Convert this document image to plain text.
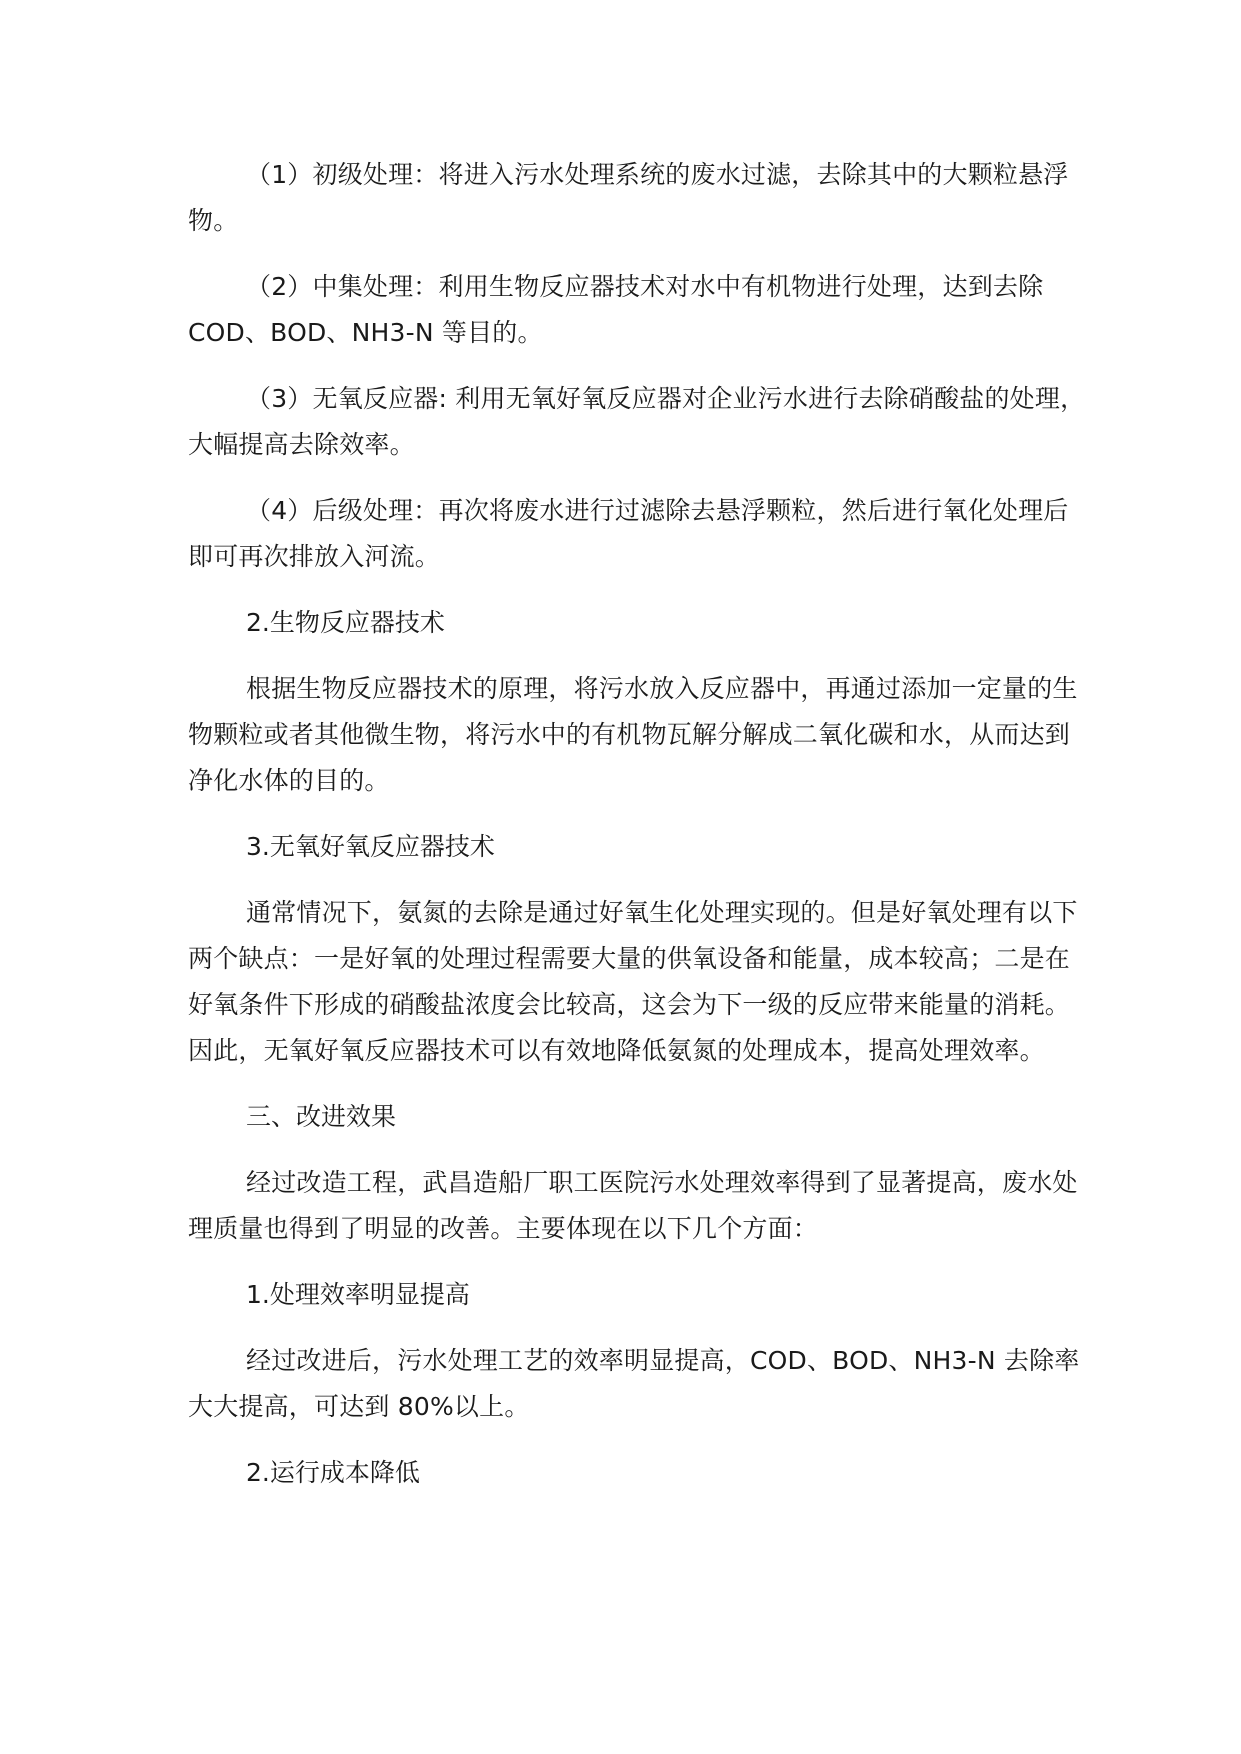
（1）初级处理：将进入污水处理系统的废水过滤，去除其中的大颗粒悬浮物。

（2）中集处理：利用生物反应器技术对水中有机物进行处理，达到去除 COD、BOD、NH3-N 等目的。

（3）无氧反应器: 利用无氧好氧反应器对企业污水进行去除硝酸盐的处理，大幅提高去除效率。

（4）后级处理：再次将废水进行过滤除去悬浮颗粒，然后进行氧化处理后即可再次排放入河流。

2.生物反应器技术

根据生物反应器技术的原理，将污水放入反应器中，再通过添加一定量的生物颗粒或者其他微生物，将污水中的有机物瓦解分解成二氧化碳和水，从而达到净化水体的目的。

3.无氧好氧反应器技术

通常情况下，氨氮的去除是通过好氧生化处理实现的。但是好氧处理有以下两个缺点：一是好氧的处理过程需要大量的供氧设备和能量，成本较高；二是在好氧条件下形成的硝酸盐浓度会比较高，这会为下一级的反应带来能量的消耗。因此，无氧好氧反应器技术可以有效地降低氨氮的处理成本，提高处理效率。

三、改进效果

经过改造工程，武昌造船厂职工医院污水处理效率得到了显著提高，废水处理质量也得到了明显的改善。主要体现在以下几个方面：

1.处理效率明显提高

经过改进后，污水处理工艺的效率明显提高，COD、BOD、NH3-N 去除率大大提高，可达到 80%以上。

2.运行成本降低
